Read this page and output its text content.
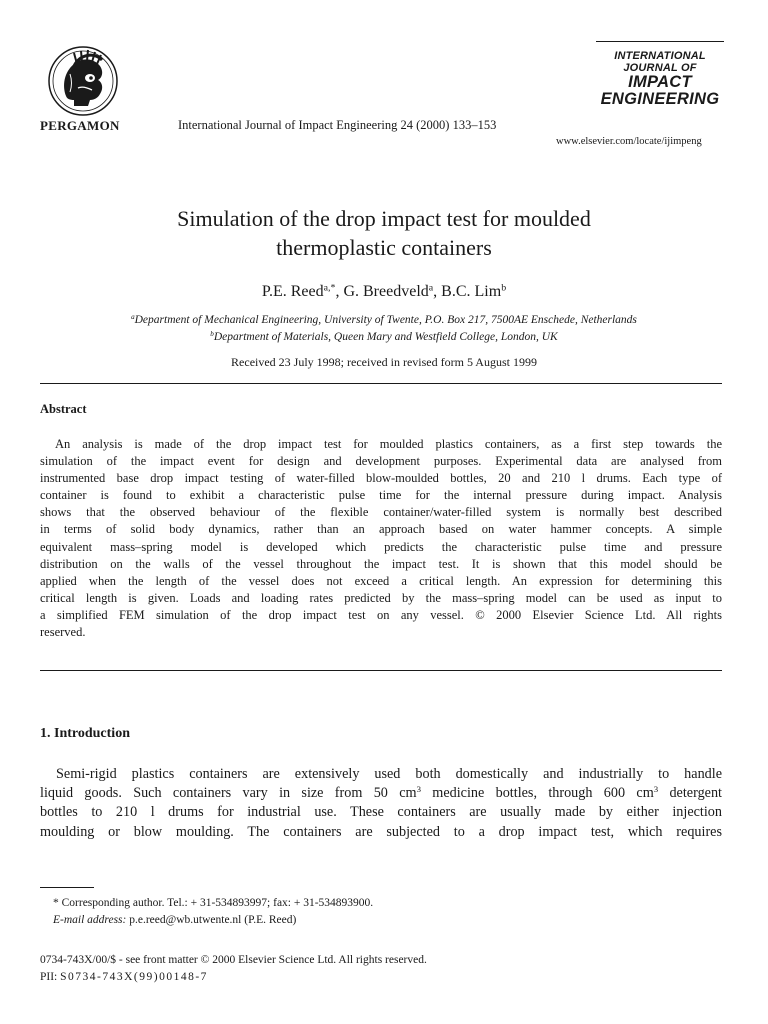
PERGAMON	International Journal of Impact Engineering 24 (2000) 133–153
INTERNATIONAL
JOURNAL OF
IMPACT
ENGINEERING
www.elsevier.com/locate/ijimpeng
Simulation of the drop impact test for moulded
thermoplastic containers
P.E. Reed$^{a,*}$, G. Breedveld$^a$, B.C. Lim$^b$
$^a$Department of Mechanical Engineering, University of Twente, P.O. Box 217, 7500AE Enschede, Netherlands
$^b$Department of Materials, Queen Mary and Westfield College, London, UK
Received 23 July 1998; received in revised form 5 August 1999
Abstract
An analysis is made of the drop impact test for moulded plastics containers, as a first step towards the
simulation of the impact event for design and development purposes. Experimental data are analysed from
instrumented base drop impact testing of water-filled blow-moulded bottles, 20 and 210 l drums. Each type of
container is found to exhibit a characteristic pulse time for the internal pressure during impact. Analysis
shows that the observed behaviour of the flexible container/water-filled system is normally best described
in terms of solid body dynamics, rather than an approach based on water hammer concepts. A simple
equivalent mass–spring model is developed which predicts the characteristic pulse time and pressure
distribution on the walls of the vessel throughout the impact test. It is shown that this model should be
applied when the length of the vessel does not exceed a critical length. An expression for determining this
critical length is given. Loads and loading rates predicted by the mass–spring model can be used as input to
a simplified FEM simulation of the drop impact test on any vessel. © 2000 Elsevier Science Ltd. All rights
reserved.
1. Introduction
Semi-rigid plastics containers are extensively used both domestically and industrially to handle
liquid goods. Such containers vary in size from 50 $cm^3$ medicine bottles, through 600 $cm^3$ detergent
bottles to 210 l drums for industrial use. These containers are usually made by either injection
moulding or blow moulding. The containers are subjected to a drop impact test, which requires
* Corresponding author. Tel.: + 31-534893997; fax: + 31-534893900.
E-mail address: p.e.reed@wb.utwente.nl (P.E. Reed)
0734-743X/00/$ - see front matter © 2000 Elsevier Science Ltd. All rights reserved.
PII: S0734-743X(99)00148-7
